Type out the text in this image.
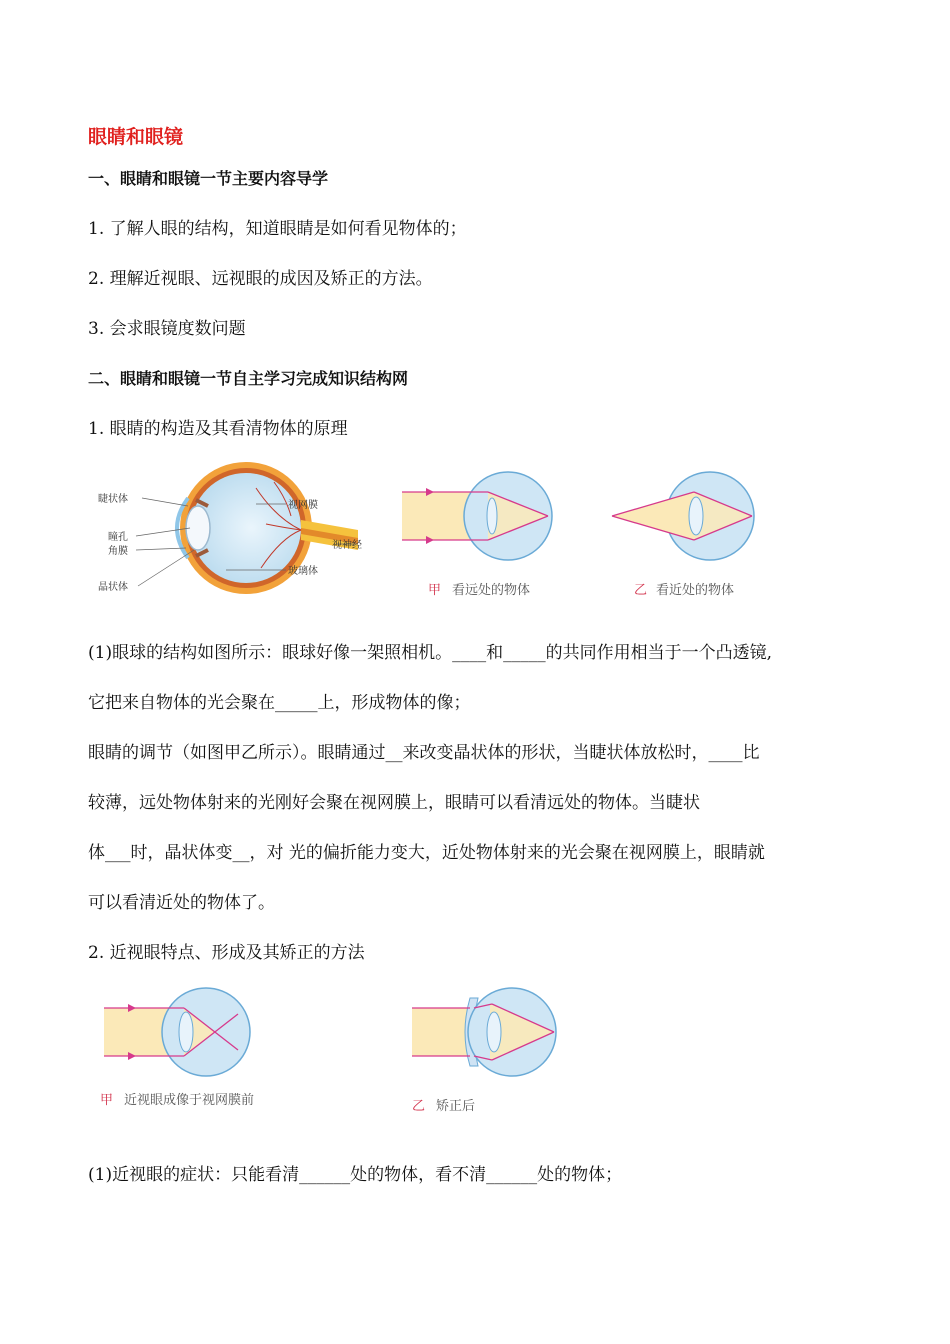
眼睛和眼镜
一、眼睛和眼镜一节主要内容导学
1. 了解人眼的结构，知道眼睛是如何看见物体的；
2. 理解近视眼、远视眼的成因及矫正的方法。
3. 会求眼镜度数问题
二、眼睛和眼镜一节自主学习完成知识结构网
1. 眼睛的构造及其看清物体的原理
睫状体
瞳孔
角膜
晶状体
视网膜
视神经
玻璃体
甲 看远处的物体	乙 看近处的物体
(1)眼球的结构如图所示：眼球好像一架照相机。____和_____的共同作用相当于一个凸透镜,
它把来自物体的光会聚在_____上，形成物体的像；
眼睛的调节（如图甲乙所示）。眼睛通过__来改变晶状体的形状，当睫状体放松时，____比
较薄，远处物体射来的光刚好会聚在视网膜上，眼睛可以看清远处的物体。当睫状
体___时，晶状体变__，对 光的偏折能力变大，近处物体射来的光会聚在视网膜上，眼睛就
可以看清近处的物体了。
2. 近视眼特点、形成及其矫正的方法
甲 近视眼成像于视网膜前	乙 矫正后
(1)近视眼的症状：只能看清______处的物体，看不清______处的物体；
